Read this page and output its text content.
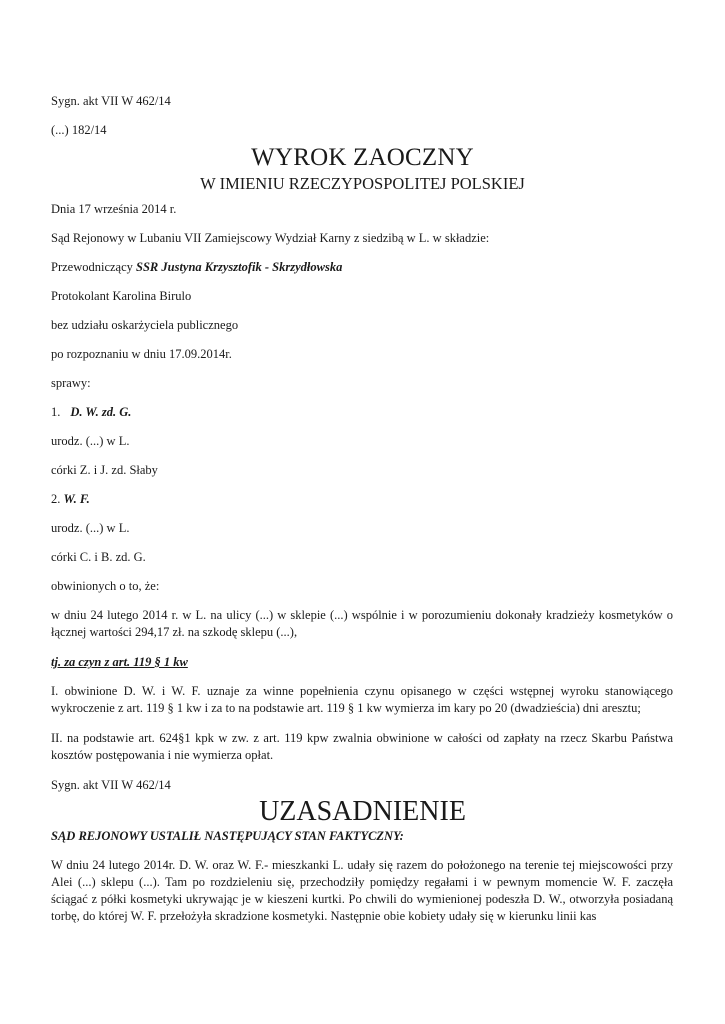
Sygn. akt VII W 462/14

(...) 182/14

WYROK ZAOCZNY

W IMIENIU RZECZYPOSPOLITEJ POLSKIEJ

Dnia 17 września 2014 r.

Sąd Rejonowy w Lubaniu VII Zamiejscowy Wydział Karny z siedzibą w L. w składzie:

Przewodniczący SSR Justyna Krzysztofik - Skrzydłowska

Protokolant Karolina Birulo

bez udziału oskarżyciela publicznego

po rozpoznaniu w dniu 17.09.2014r.

sprawy:

1. D. W. zd. G.

urodz. (...) w L.

córki Z. i J. zd. Słaby

2. W. F.

urodz. (...) w L.

córki C. i B. zd. G.

obwinionych o to, że:

w dniu 24 lutego 2014 r. w L. na ulicy (...) w sklepie (...) wspólnie i w porozumieniu dokonały kradzieży kosmetyków o łącznej wartości 294,17 zł. na szkodę sklepu (...),

tj. za czyn z art. 119 § 1 kw

I. obwinione D. W. i W. F. uznaje za winne popełnienia czynu opisanego w części wstępnej wyroku stanowiącego wykroczenie z art. 119 § 1 kw i za to na podstawie art. 119 § 1 kw wymierza im kary po 20 (dwadzieścia) dni aresztu;

II. na podstawie art. 624§1 kpk w zw. z art. 119 kpw zwalnia obwinione w całości od zapłaty na rzecz Skarbu Państwa kosztów postępowania i nie wymierza opłat.

Sygn. akt VII W 462/14

UZASADNIENIE

SĄD REJONOWY USTALIŁ NASTĘPUJĄCY STAN FAKTYCZNY:

W dniu 24 lutego 2014r. D. W. oraz W. F.- mieszkanki L. udały się razem do położonego na terenie tej miejscowości przy Alei (...) sklepu (...). Tam po rozdzieleniu się, przechodziły pomiędzy regałami i w pewnym momencie W. F. zaczęła ściągać z półki kosmetyki ukrywając je w kieszeni kurtki. Po chwili do wymienionej podeszła D. W., otworzyła posiadaną torbę, do której W. F. przełożyła skradzione kosmetyki. Następnie obie kobiety udały się w kierunku linii kas
